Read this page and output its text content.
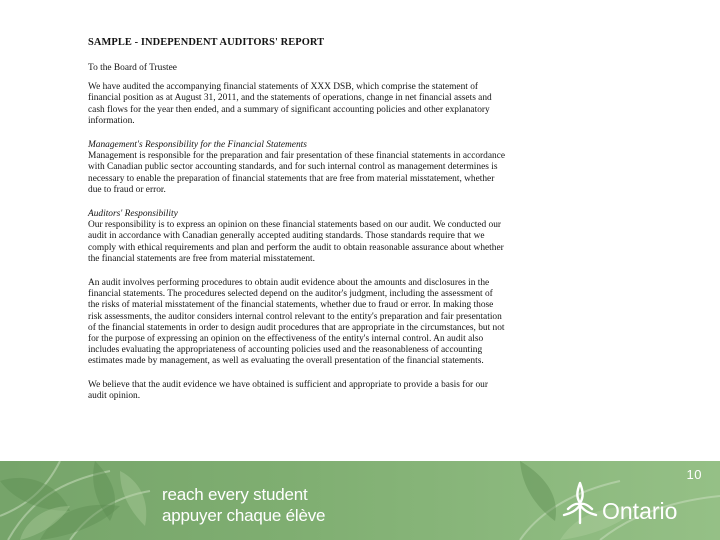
SAMPLE - INDEPENDENT AUDITORS' REPORT
To the Board of Trustee
We have audited the accompanying financial statements of XXX DSB, which comprise the statement of
financial position as at August 31, 2011, and the statements of operations, change in net financial assets and
cash flows for the year then ended, and a summary of significant accounting policies and other explanatory
information.
Management's Responsibility for the Financial Statements
Management is responsible for the preparation and fair presentation of these financial statements in accordance
with Canadian public sector accounting standards, and for such internal control as management determines is
necessary to enable the preparation of financial statements that are free from material misstatement, whether
due to fraud or error.
Auditors' Responsibility
Our responsibility is to express an opinion on these financial statements based on our audit. We conducted our
audit in accordance with Canadian generally accepted auditing standards. Those standards require that we
comply with ethical requirements and plan and perform the audit to obtain reasonable assurance about whether
the financial statements are free from material misstatement.
An audit involves performing procedures to obtain audit evidence about the amounts and disclosures in the
financial statements. The procedures selected depend on the auditor's judgment, including the assessment of
the risks of material misstatement of the financial statements, whether due to fraud or error. In making those
risk assessments, the auditor considers internal control relevant to the entity's preparation and fair presentation
of the financial statements in order to design audit procedures that are appropriate in the circumstances, but not
for the purpose of expressing an opinion on the effectiveness of the entity's internal control. An audit also
includes evaluating the appropriateness of accounting policies used and the reasonableness of accounting
estimates made by management, as well as evaluating the overall presentation of the financial statements.
We believe that the audit evidence we have obtained is sufficient and appropriate to provide a basis for our
audit opinion.
reach every student
appuyer chaque élève	Ontario
10
